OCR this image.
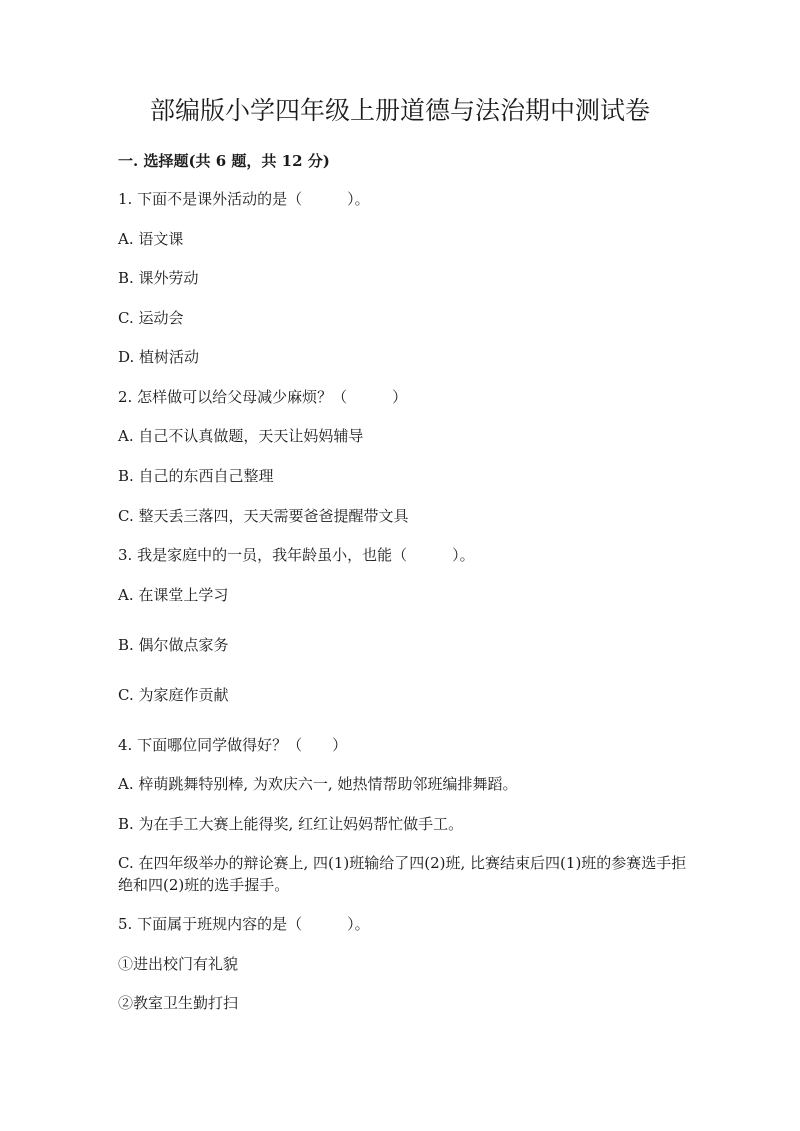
部编版小学四年级上册道德与法治期中测试卷
一. 选择题(共 6 题，共 12 分)
1. 下面不是课外活动的是（　　　）。
A. 语文课
B. 课外劳动
C. 运动会
D. 植树活动
2. 怎样做可以给父母减少麻烦？（　　　）
A. 自己不认真做题，天天让妈妈辅导
B. 自己的东西自己整理
C. 整天丢三落四，天天需要爸爸提醒带文具
3. 我是家庭中的一员，我年龄虽小，也能（　　　）。
A. 在课堂上学习
B. 偶尔做点家务
C. 为家庭作贡献
4. 下面哪位同学做得好？（　　）
A. 梓萌跳舞特别棒, 为欢庆六一, 她热情帮助邻班编排舞蹈。
B. 为在手工大赛上能得奖, 红红让妈妈帮忙做手工。
C. 在四年级举办的辩论赛上, 四(1)班输给了四(2)班, 比赛结束后四(1)班的参赛选手拒绝和四(2)班的选手握手。
5. 下面属于班规内容的是（　　　）。
①进出校门有礼貌
②教室卫生勤打扫
